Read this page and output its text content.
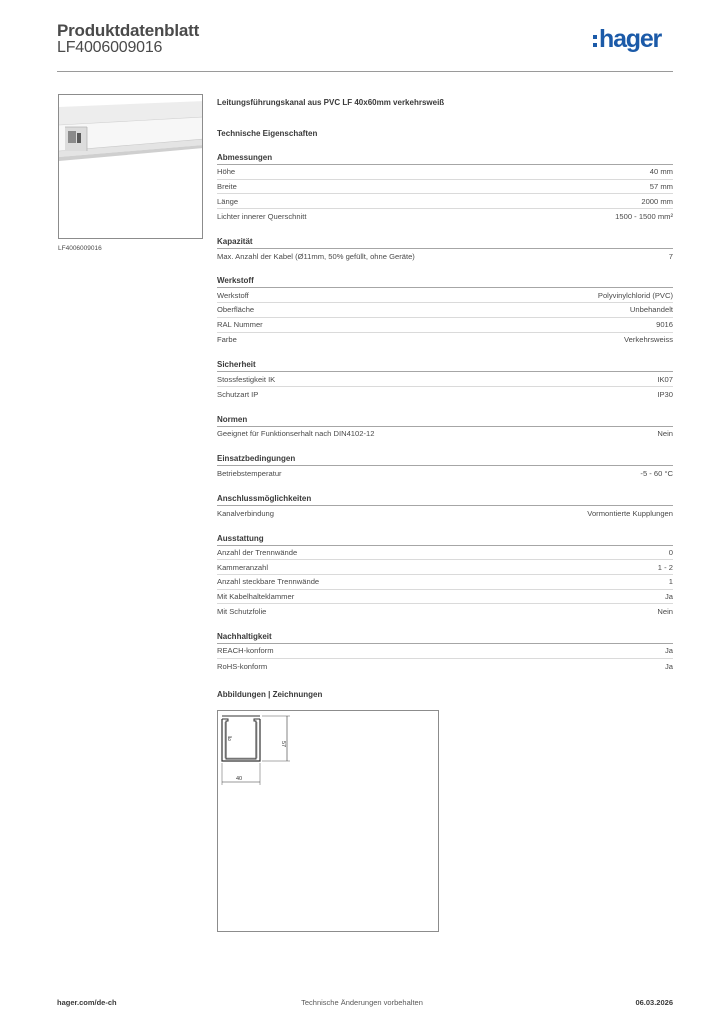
Produktdatenblatt
LF4006009016	hager
LF4006009016
Leitungsführungskanal aus PVC LF 40x60mm verkehrsweiß
Technische Eigenschaften
Abmessungen
Höhe	40 mm
Breite	57 mm
Länge	2000 mm
Lichter innerer Querschnitt	1500 - 1500 mm²
Kapazität
Max. Anzahl der Kabel (Ø11mm, 50% gefüllt, ohne Geräte)	7
Werkstoff
Werkstoff	Polyvinylchlorid (PVC)
Oberfläche	Unbehandelt
RAL Nummer	9016
Farbe	Verkehrsweiss
Sicherheit
Stossfestigkeit IK	IK07
Schutzart IP	IP30
Normen
Geeignet für Funktionserhalt nach DIN4102-12	Nein
Einsatzbedingungen
Betriebstemperatur	-5 - 60 °C
Anschlussmöglichkeiten
Kanalverbindung	Vormontierte Kupplungen
Ausstattung
Anzahl der Trennwände	0
Kammeranzahl	1 - 2
Anzahl steckbare Trennwände	1
Mit Kabelhalteklammer	Ja
Mit Schutzfolie	Nein
Nachhaltigkeit
REACH-konform	Ja
RoHS-konform	Ja
Abbildungen | Zeichnungen
6
40
57
hager.com/de-ch	Technische Änderungen vorbehalten	06.03.2026
